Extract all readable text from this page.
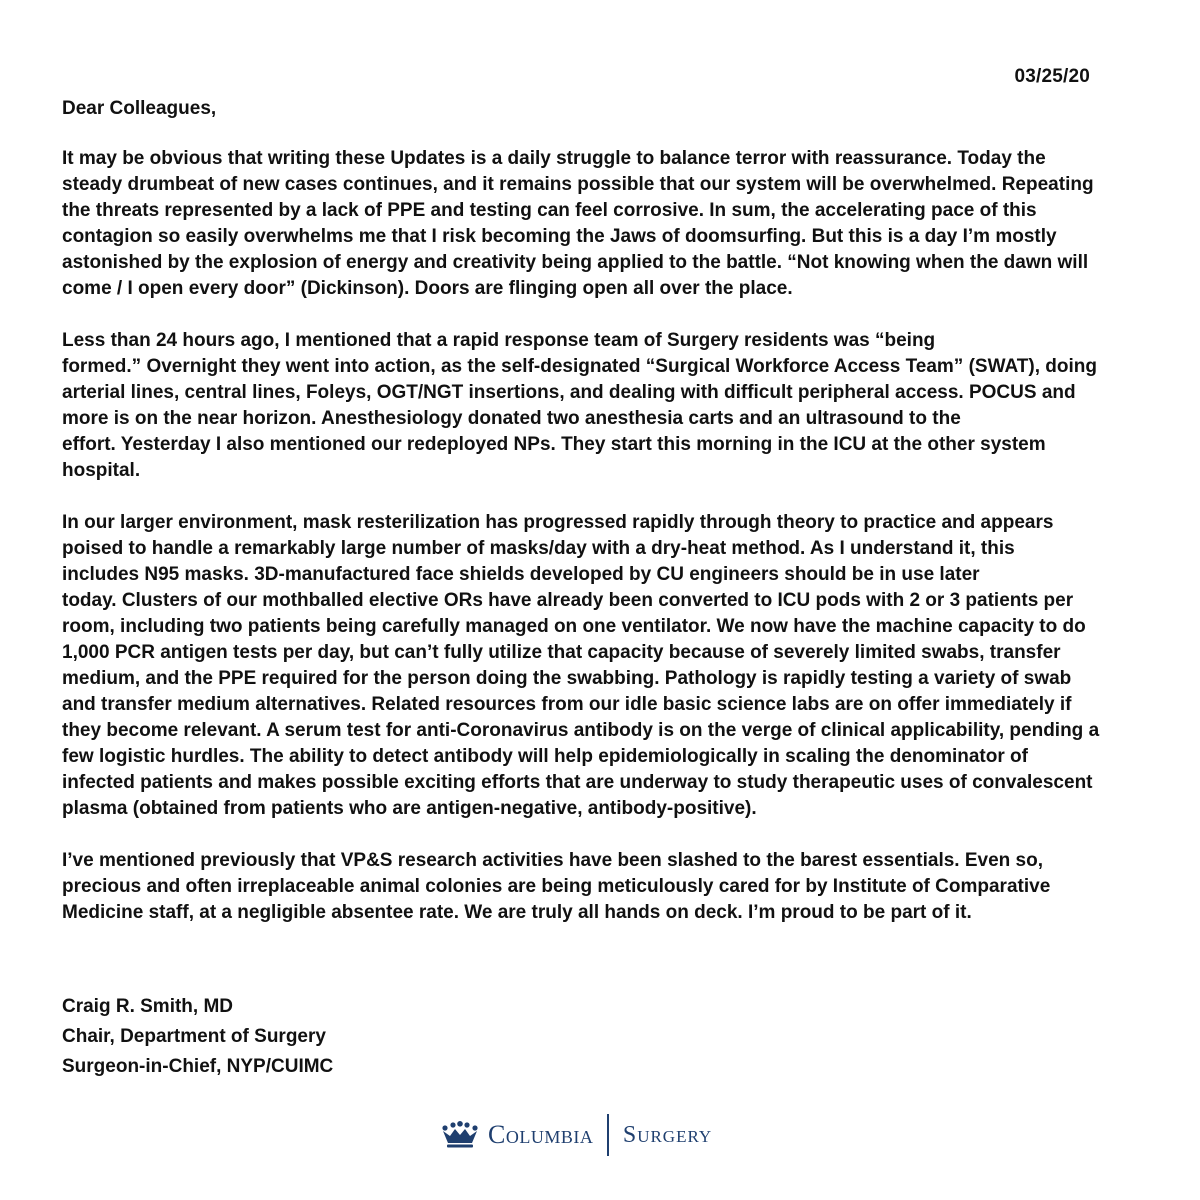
03/25/20
Dear Colleagues,

It may be obvious that writing these Updates is a daily struggle to balance terror with reassurance. Today the
steady drumbeat of new cases continues, and it remains possible that our system will be overwhelmed. Repeating
the threats represented by a lack of PPE and testing can feel corrosive. In sum, the accelerating pace of this
contagion so easily overwhelms me that I risk becoming the Jaws of doomsurfing. But this is a day I’m mostly
astonished by the explosion of energy and creativity being applied to the battle. “Not knowing when the dawn will
come / I open every door” (Dickinson). Doors are flinging open all over the place.

Less than 24 hours ago, I mentioned that a rapid response team of Surgery residents was “being
formed.” Overnight they went into action, as the self-designated “Surgical Workforce Access Team” (SWAT), doing
arterial lines, central lines, Foleys, OGT/NGT insertions, and dealing with difficult peripheral access. POCUS and
more is on the near horizon. Anesthesiology donated two anesthesia carts and an ultrasound to the
effort. Yesterday I also mentioned our redeployed NPs. They start this morning in the ICU at the other system
hospital.

In our larger environment, mask resterilization has progressed rapidly through theory to practice and appears
poised to handle a remarkably large number of masks/day with a dry-heat method. As I understand it, this
includes N95 masks. 3D-manufactured face shields developed by CU engineers should be in use later
today. Clusters of our mothballed elective ORs have already been converted to ICU pods with 2 or 3 patients per
room, including two patients being carefully managed on one ventilator. We now have the machine capacity to do
1,000 PCR antigen tests per day, but can’t fully utilize that capacity because of severely limited swabs, transfer
medium, and the PPE required for the person doing the swabbing. Pathology is rapidly testing a variety of swab
and transfer medium alternatives. Related resources from our idle basic science labs are on offer immediately if
they become relevant. A serum test for anti-Coronavirus antibody is on the verge of clinical applicability, pending a
few logistic hurdles. The ability to detect antibody will help epidemiologically in scaling the denominator of
infected patients and makes possible exciting efforts that are underway to study therapeutic uses of convalescent
plasma (obtained from patients who are antigen-negative, antibody-positive).

I’ve mentioned previously that VP&S research activities have been slashed to the barest essentials. Even so,
precious and often irreplaceable animal colonies are being meticulously cared for by Institute of Comparative
Medicine staff, at a negligible absentee rate. We are truly all hands on deck. I’m proud to be part of it.

Craig R. Smith, MD
Chair, Department of Surgery
Surgeon-in-Chief, NYP/CUIMC
Columbia Surgery
